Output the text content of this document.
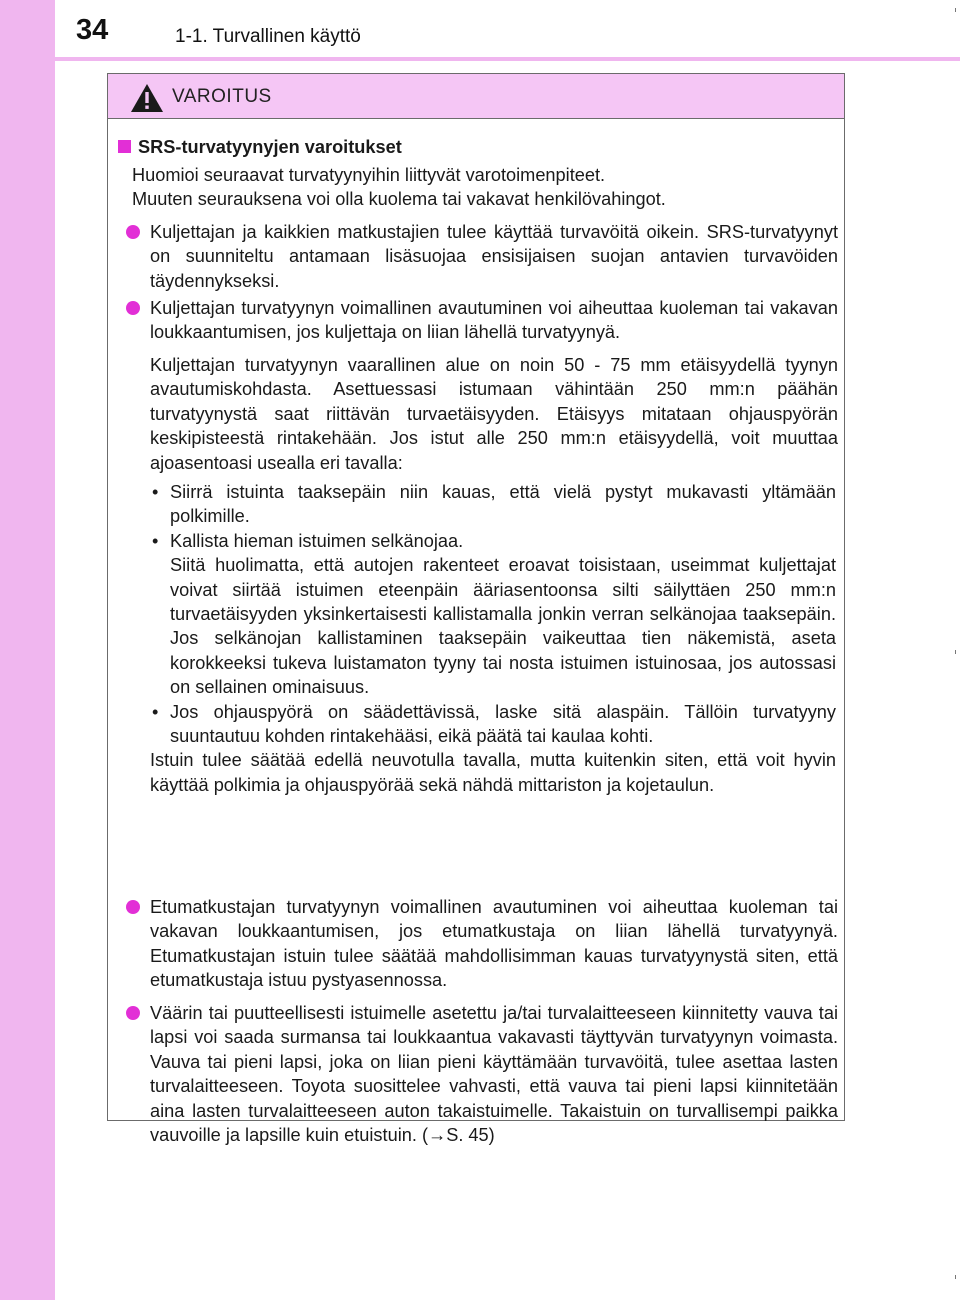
34	1-1. Turvallinen käyttö
VAROITUS
SRS-turvatyynyjen varoitukset
Huomioi seuraavat turvatyynyihin liittyvät varotoimenpiteet.
Muuten seurauksena voi olla kuolema tai vakavat henkilövahingot.
Kuljettajan ja kaikkien matkustajien tulee käyttää turvavöitä oikein. SRS-turvatyynyt on suunniteltu antamaan lisäsuojaa ensisijaisen suojan antavien turvavöiden täydennykseksi.
Kuljettajan turvatyynyn voimallinen avautuminen voi aiheuttaa kuoleman tai vakavan loukkaantumisen, jos kuljettaja on liian lähellä turvatyynyä.
Kuljettajan turvatyynyn vaarallinen alue on noin 50 - 75 mm etäisyydellä tyynyn avautumiskohdasta. Asettuessasi istumaan vähintään 250 mm:n päähän turvatyynystä saat riittävän turvaetäisyyden. Etäisyys mitataan ohjauspyörän keskipisteestä rintakehään. Jos istut alle 250 mm:n etäisyydellä, voit muuttaa ajoasentoasi usealla eri tavalla:
• Siirrä istuinta taaksepäin niin kauas, että vielä pystyt mukavasti yltämään polkimille.
• Kallista hieman istuimen selkänojaa.
Siitä huolimatta, että autojen rakenteet eroavat toisistaan, useimmat kuljettajat voivat siirtää istuimen eteenpäin ääriasentoonsa silti säilyttäen 250 mm:n turvaetäisyyden yksinkertaisesti kallistamalla jonkin verran selkänojaa taaksepäin. Jos selkänojan kallistaminen taaksepäin vaikeuttaa tien näkemistä, aseta korokkeeksi tukeva luistamaton tyyny tai nosta istuimen istuinosaa, jos autossasi on sellainen ominaisuus.
• Jos ohjauspyörä on säädettävissä, laske sitä alaspäin. Tällöin turvatyyny suuntautuu kohden rintakehääsi, eikä päätä tai kaulaa kohti.
Istuin tulee säätää edellä neuvotulla tavalla, mutta kuitenkin siten, että voit hyvin käyttää polkimia ja ohjauspyörää sekä nähdä mittariston ja kojetaulun.
Etumatkustajan turvatyynyn voimallinen avautuminen voi aiheuttaa kuoleman tai vakavan loukkaantumisen, jos etumatkustaja on liian lähellä turvatyynyä. Etumatkustajan istuin tulee säätää mahdollisimman kauas turvatyynystä siten, että etumatkustaja istuu pystyasennossa.
Väärin tai puutteellisesti istuimelle asetettu ja/tai turvalaitteeseen kiinnitetty vauva tai lapsi voi saada surmansa tai loukkaantua vakavasti täyttyvän turvatyynyn voimasta. Vauva tai pieni lapsi, joka on liian pieni käyttämään turvavöitä, tulee asettaa lasten turvalaitteeseen. Toyota suosittelee vahvasti, että vauva tai pieni lapsi kiinnitetään aina lasten turvalaitteeseen auton takaistuimelle. Takaistuin on turvallisempi paikka vauvoille ja lapsille kuin etuistuin. (→S. 45)
